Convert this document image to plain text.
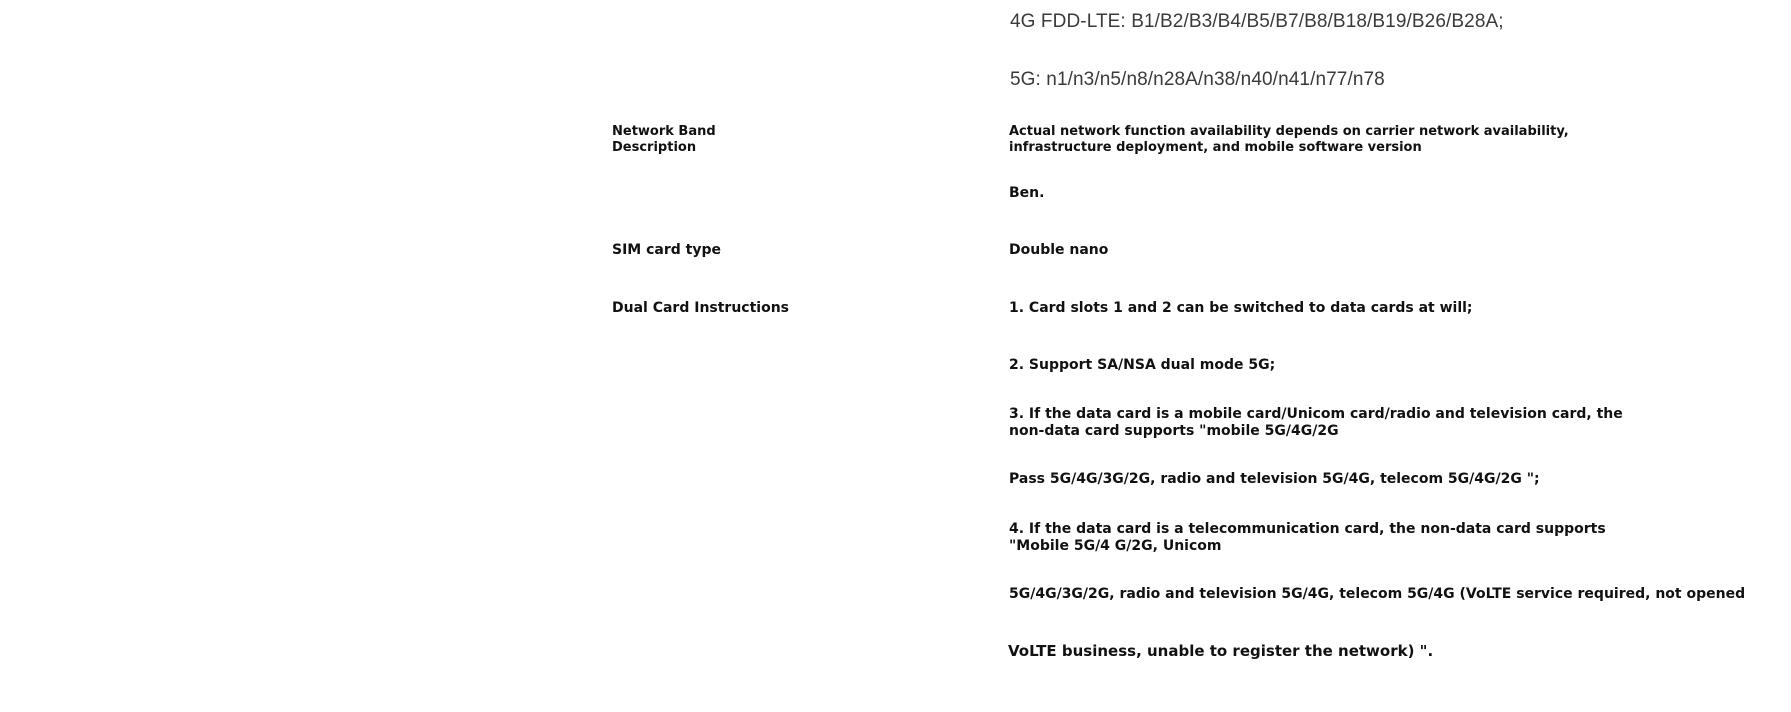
4G FDD-LTE: B1/B2/B3/B4/B5/B7/B8/B18/B19/B26/B28A;
5G: n1/n3/n5/n8/n28A/n38/n40/n41/n77/n78
Network Band
Description
Actual network function availability depends on carrier network availability, infrastructure deployment, and mobile software version
Ben.
SIM card type	Double nano
Dual Card Instructions	1. Card slots 1 and 2 can be switched to data cards at will;
2. Support SA/NSA dual mode 5G;
3. If the data card is a mobile card/Unicom card/radio and television card, the non-data card supports "mobile 5G/4G/2G
Pass 5G/4G/3G/2G, radio and television 5G/4G, telecom 5G/4G/2G ";
4. If the data card is a telecommunication card, the non-data card supports "Mobile 5G/4 G/2G, Unicom
5G/4G/3G/2G, radio and television 5G/4G, telecom 5G/4G (VoLTE service required, not opened
VoLTE business, unable to register the network) ".
